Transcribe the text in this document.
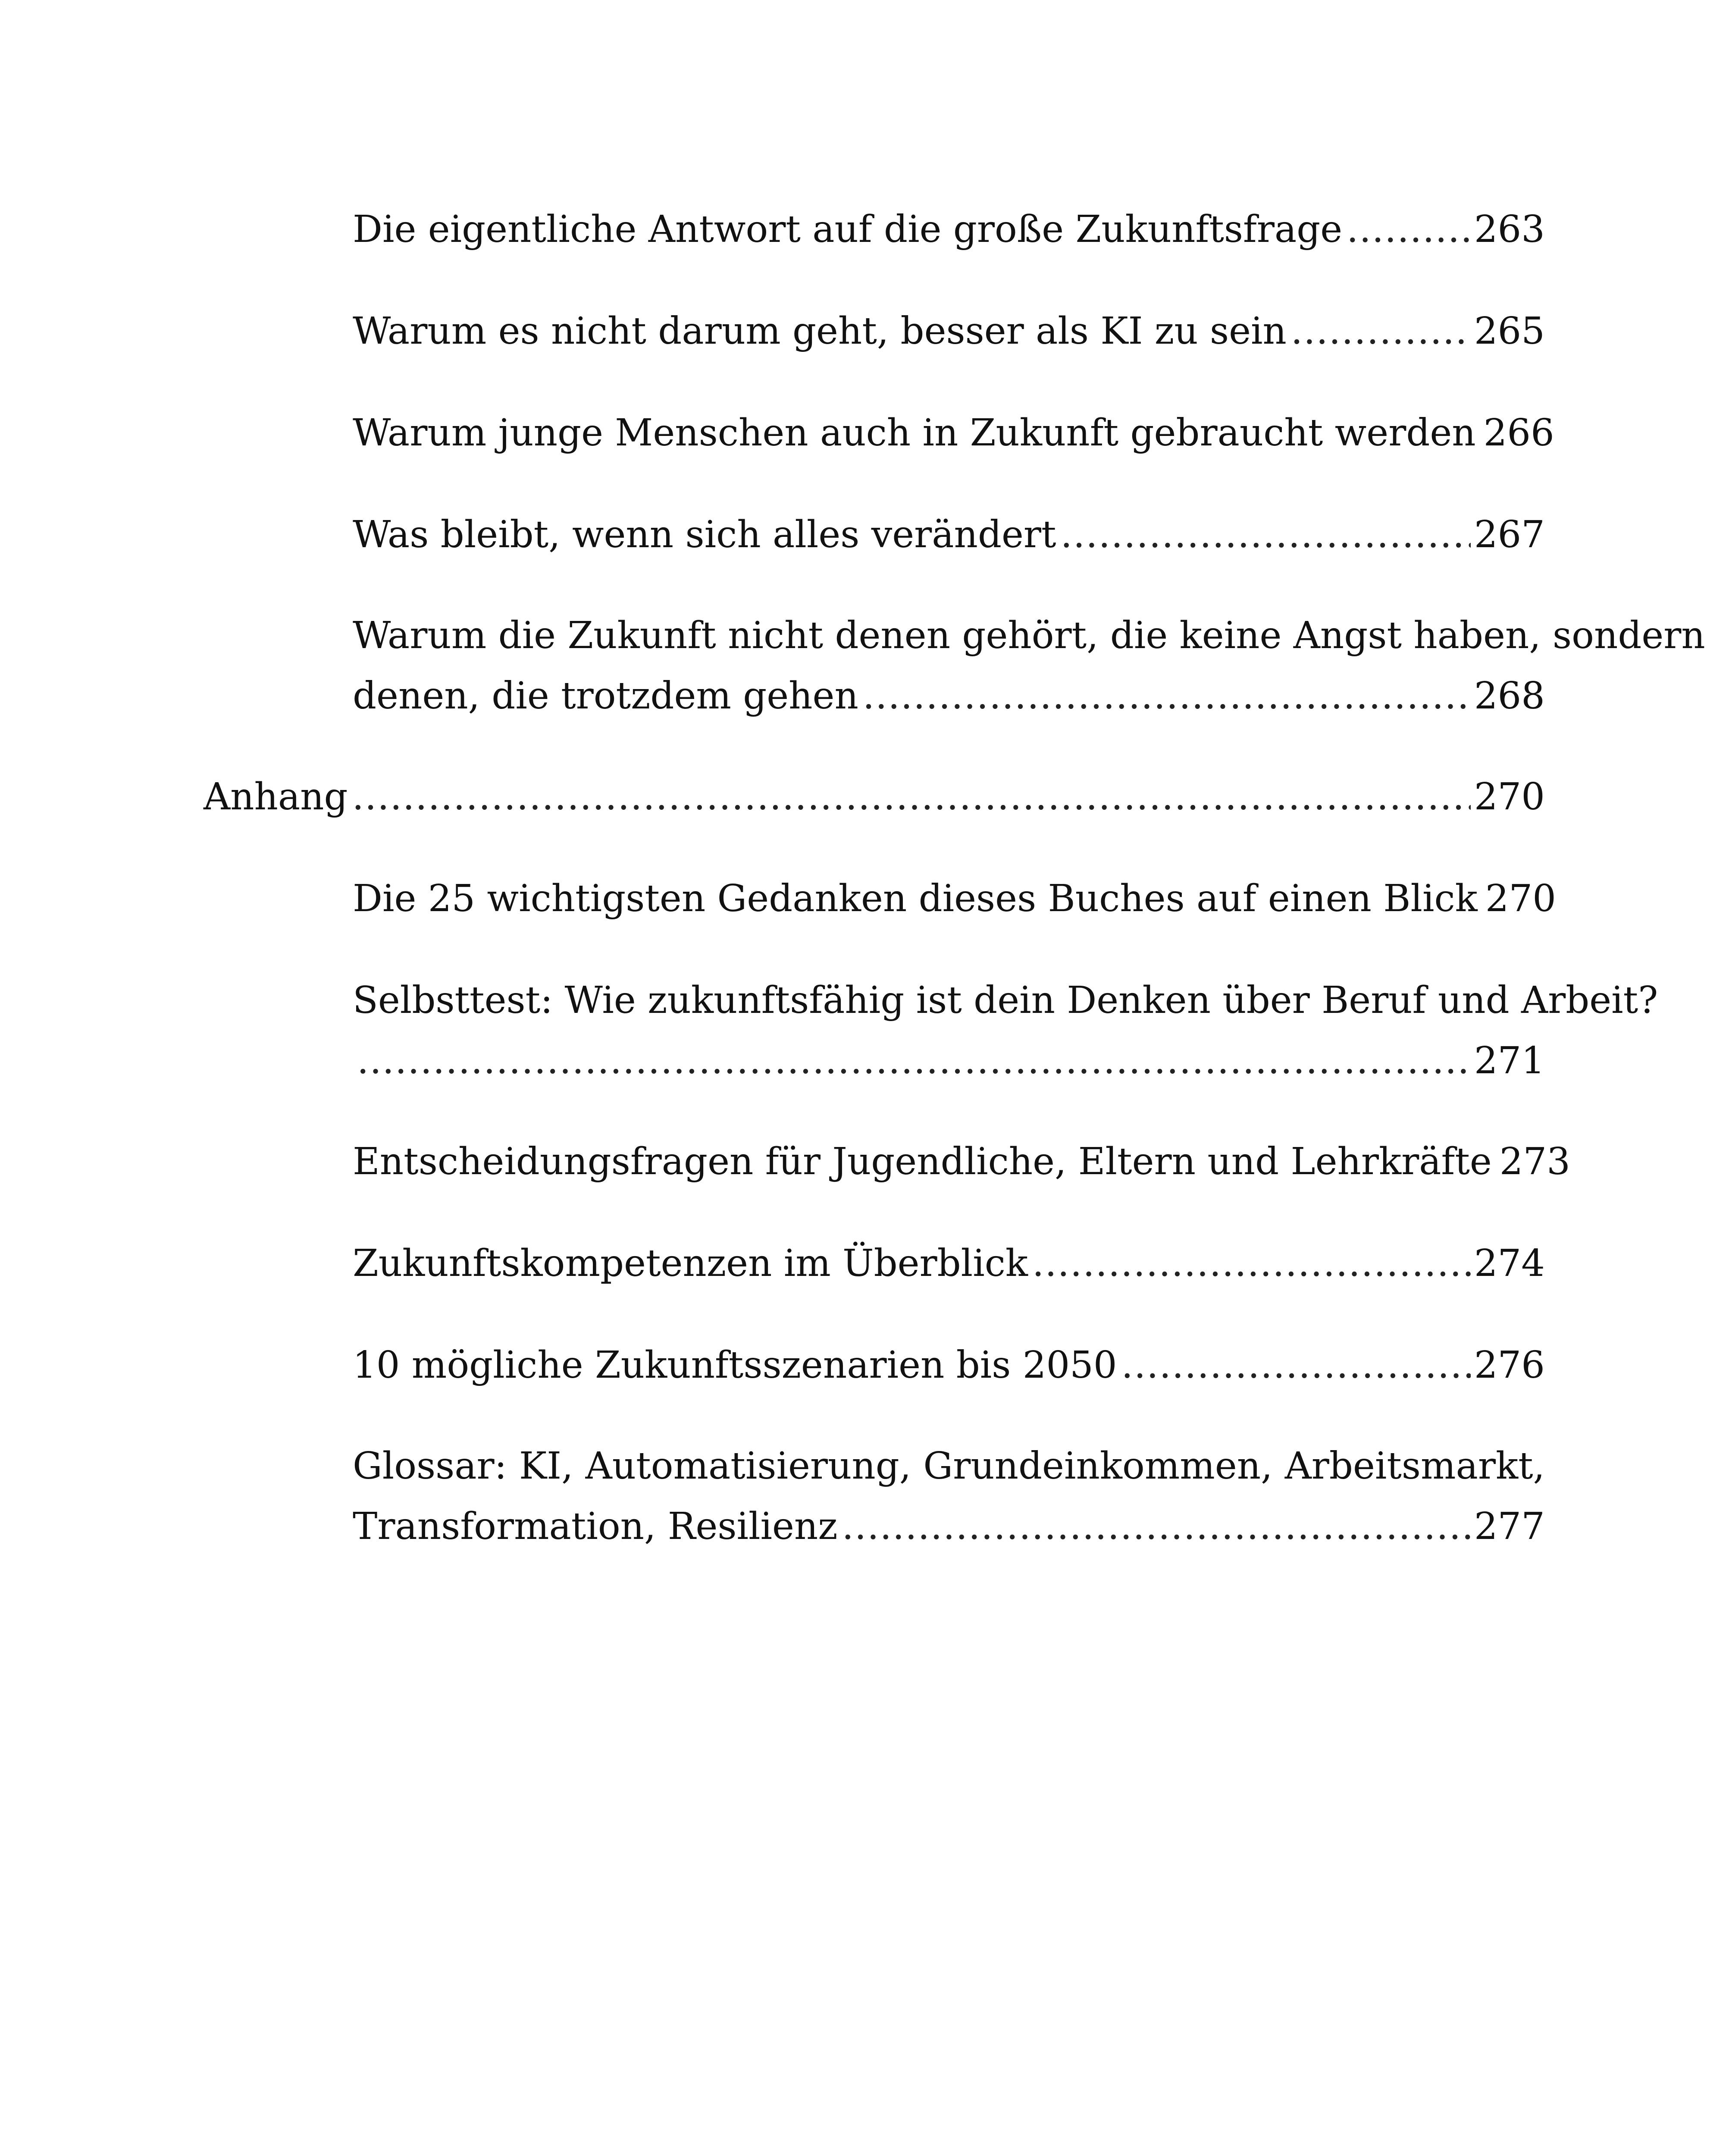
Die eigentliche Antwort auf die große Zukunftsfrage .....	263
Warum es nicht darum geht, besser als KI zu sein .....	265
Warum junge Menschen auch in Zukunft gebraucht werden 266
Was bleibt, wenn sich alles verändert .....	267
Warum die Zukunft nicht denen gehört, die keine Angst haben, sondern
denen, die trotzdem gehen .....	268
Anhang .....	270
Die 25 wichtigsten Gedanken dieses Buches auf einen Blick 270
Selbsttest: Wie zukunftsfähig ist dein Denken über Beruf und Arbeit?
.....
271
Entscheidungsfragen für Jugendliche, Eltern und Lehrkräfte 273
Zukunftskompetenzen im Überblick .....	274
10 mögliche Zukunftsszenarien bis 2050 .....	276
Glossar: KI, Automatisierung, Grundeinkommen, Arbeitsmarkt,
Transformation, Resilienz .....	277
